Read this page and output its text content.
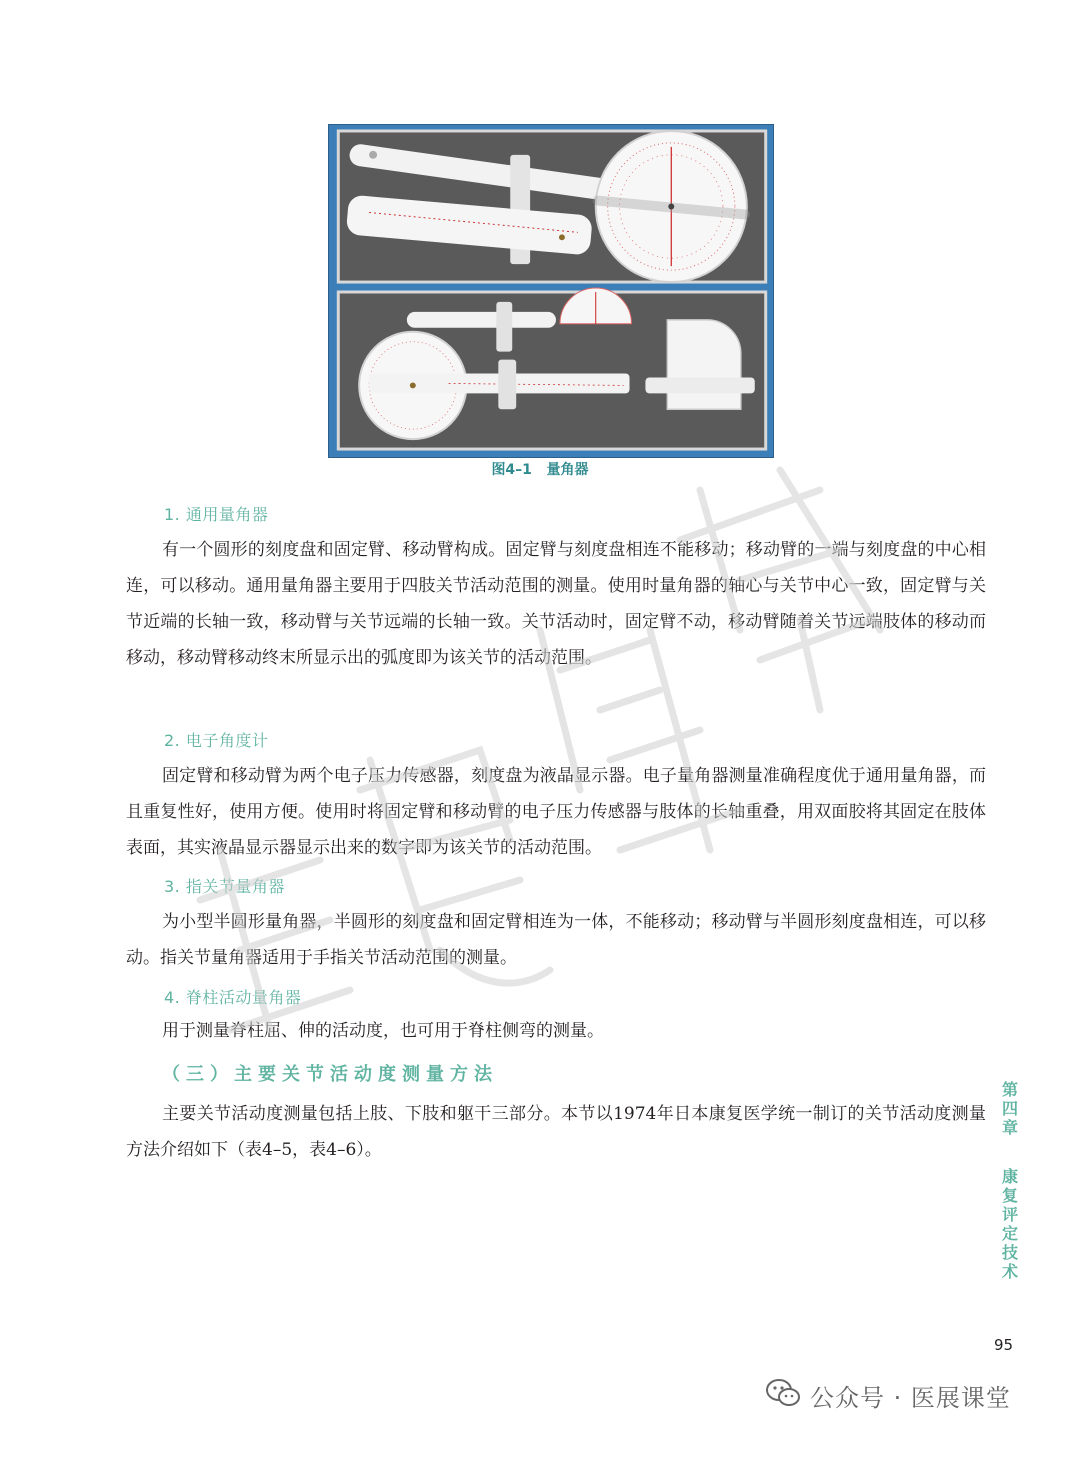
图4–1   量角器
1. 通用量角器

有一个圆形的刻度盘和固定臂、移动臂构成。固定臂与刻度盘相连不能移动；移动臂的一端与刻度盘的中心相连，可以移动。通用量角器主要用于四肢关节活动范围的测量。使用时量角器的轴心与关节中心一致，固定臂与关节近端的长轴一致，移动臂与关节远端的长轴一致。关节活动时，固定臂不动，移动臂随着关节远端肢体的移动而移动，移动臂移动终末所显示出的弧度即为该关节的活动范围。

2. 电子角度计

固定臂和移动臂为两个电子压力传感器，刻度盘为液晶显示器。电子量角器测量准确程度优于通用量角器，而且重复性好，使用方便。使用时将固定臂和移动臂的电子压力传感器与肢体的长轴重叠，用双面胶将其固定在肢体表面，其实液晶显示器显示出来的数字即为该关节的活动范围。

3. 指关节量角器

为小型半圆形量角器，半圆形的刻度盘和固定臂相连为一体，不能移动；移动臂与半圆形刻度盘相连，可以移动。指关节量角器适用于手指关节活动范围的测量。

4. 脊柱活动量角器

用于测量脊柱屈、伸的活动度，也可用于脊柱侧弯的测量。

（三）主要关节活动度测量方法

主要关节活动度测量包括上肢、下肢和躯干三部分。本节以1974年日本康复医学统一制订的关节活动度测量方法介绍如下（表4–5，表4–6）。

第四章
康复评定技术
95
公众号 · 医展课堂
